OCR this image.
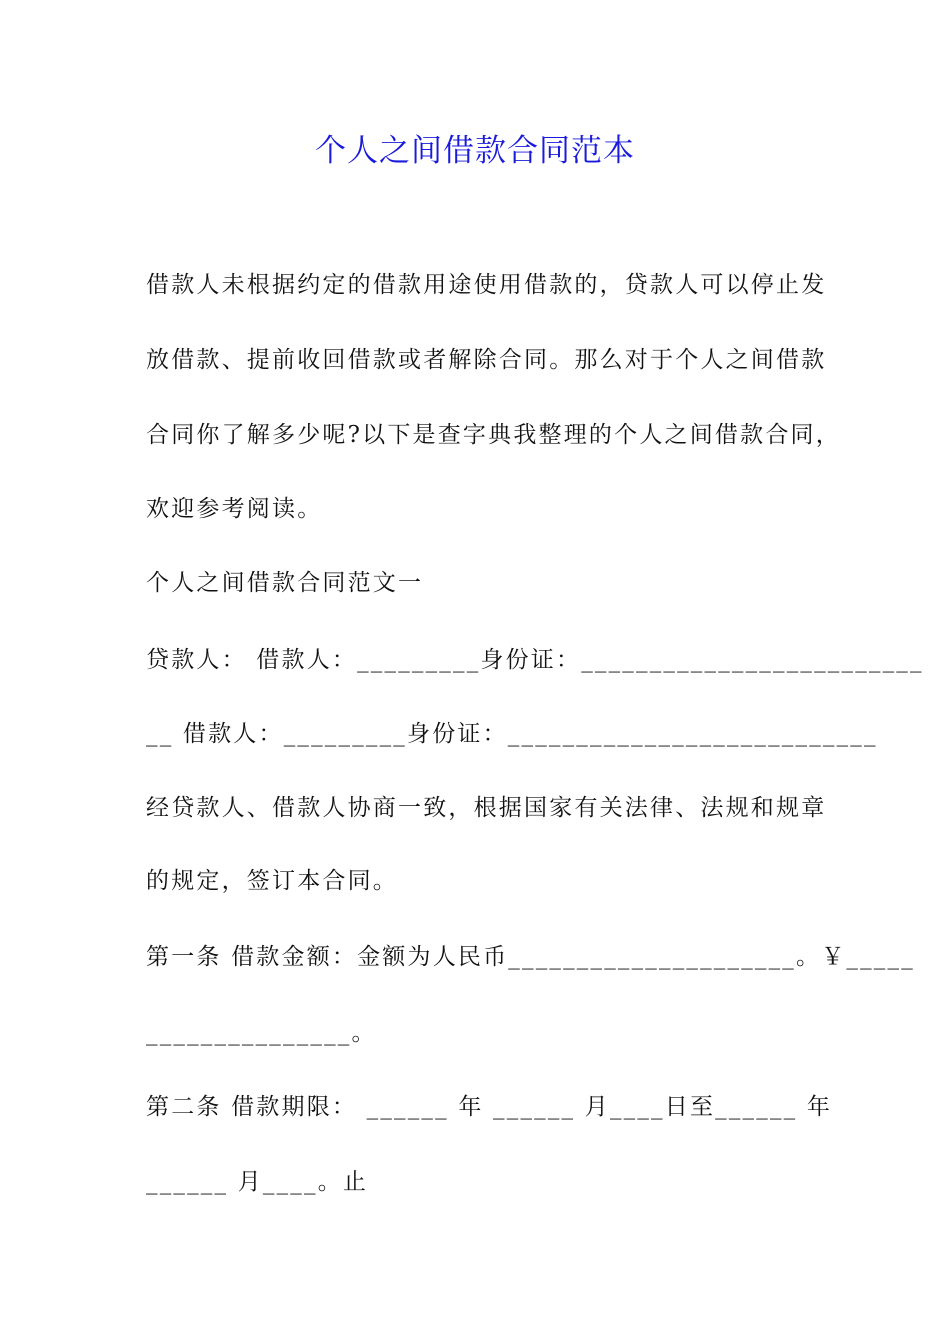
个人之间借款合同范本
借款人未根据约定的借款用途使用借款的，贷款人可以停止发
放借款、提前收回借款或者解除合同。那么对于个人之间借款
合同你了解多少呢?以下是查字典我整理的个人之间借款合同，
欢迎参考阅读。
个人之间借款合同范文一
贷款人： 借款人：_________身份证：_________________________
__ 借款人：_________身份证：___________________________
经贷款人、借款人协商一致，根据国家有关法律、法规和规章
的规定，签订本合同。
第一条 借款金额：金额为人民币_____________________。￥_____
_______________。
第二条 借款期限： ______ 年 ______ 月____日至______ 年
______ 月____。止
